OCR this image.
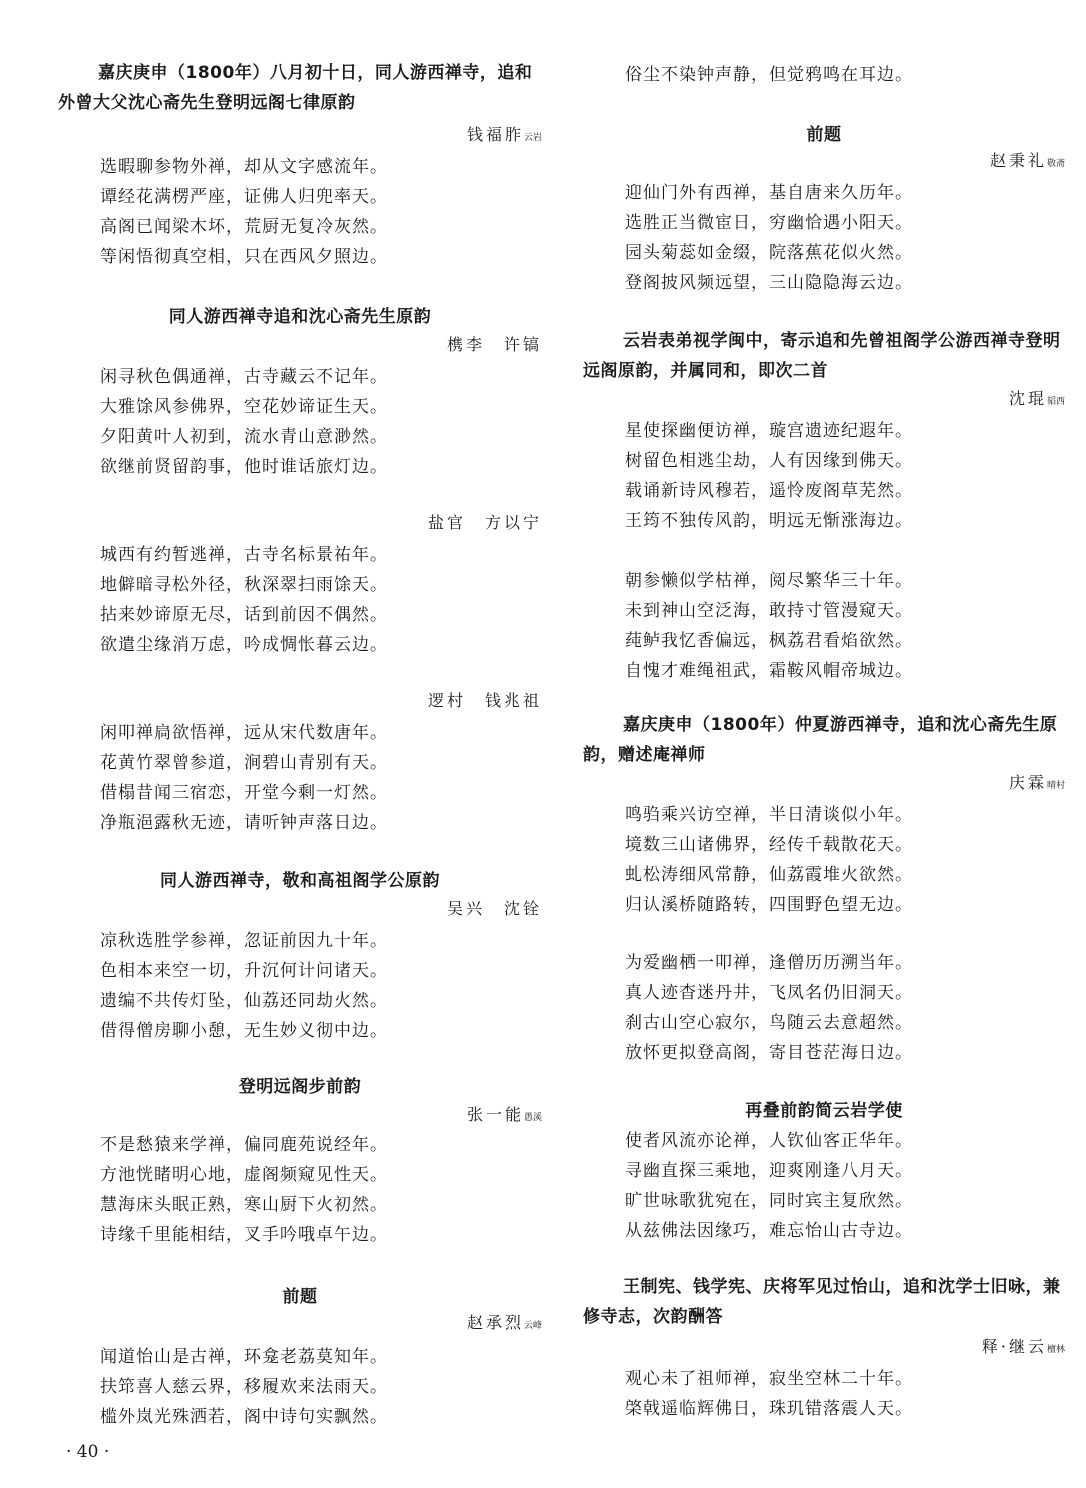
嘉庆庚申（1800年）八月初十日，同人游西禅寺，追和外曾大父沈心斋先生登明远阁七律原韵
钱福胙云岩
选暇聊参物外禅，却从文字感流年。
谭经花满楞严座，证佛人归兜率天。
高阁已闻梁木坏，荒厨无复冷灰然。
等闲悟彻真空相，只在西风夕照边。
同人游西禅寺追和沈心斋先生原韵
槜李　许镐
闲寻秋色偶通禅，古寺藏云不记年。
大雅馀风参佛界，空花妙谛证生天。
夕阳黄叶人初到，流水青山意渺然。
欲继前贤留韵事，他时谁话旅灯边。
盐官　方以宁
城西有约暂逃禅，古寺名标景祐年。
地僻暗寻松外径，秋深翠扫雨馀天。
拈来妙谛原无尽，话到前因不偶然。
欲遣尘缘消万虑，吟成惆怅暮云边。
逻村　钱兆祖
闲叩禅扃欲悟禅，远从宋代数唐年。
花黄竹翠曾参道，涧碧山青别有天。
借榻昔闻三宿恋，开堂今剩一灯然。
净瓶浥露秋无迹，请听钟声落日边。
同人游西禅寺，敬和高祖阁学公原韵
吴兴　沈铨
凉秋选胜学参禅，忽证前因九十年。
色相本来空一切，升沉何计问诸天。
遗编不共传灯坠，仙荔还同劫火然。
借得僧房聊小憩，无生妙义彻中边。
登明远阁步前韵
张一能愚溪
不是愁猿来学禅，偏同鹿苑说经年。
方池恍睹明心地，虚阁频窥见性天。
慧海床头眠正熟，寒山厨下火初然。
诗缘千里能相结，叉手吟哦卓午边。
前题
赵承烈云峰
闻道怡山是古禅，环龛老荔莫知年。
扶筇喜人慈云界，移履欢来法雨天。
槛外岚光殊洒若，阁中诗句实飘然。
俗尘不染钟声静，但觉鸦鸣在耳边。
前题
赵秉礼敬斋
迎仙门外有西禅，基自唐来久历年。
选胜正当微宦日，穷幽恰遇小阳天。
园头菊蕊如金缀，院落蕉花似火然。
登阁披风频远望，三山隐隐海云边。
云岩表弟视学闽中，寄示追和先曾祖阁学公游西禅寺登明远阁原韵，并属同和，即次二首
沈琨韬西
星使探幽便访禅，璇宫遗迹纪遐年。
树留色相逃尘劫，人有因缘到佛天。
载诵新诗风穆若，遥怜废阁草芜然。
王筠不独传风韵，明远无惭涨海边。
朝参懒似学枯禅，阅尽繁华三十年。
未到神山空泛海，敢持寸管漫窥天。
莼鲈我忆香偏远，枫荔君看焰欲然。
自愧才难绳祖武，霜鞍风帽帝城边。
嘉庆庚申（1800年）仲夏游西禅寺，追和沈心斋先生原韵，赠述庵禅师
庆霖晴村
鸣驺乘兴访空禅，半日清谈似小年。
境数三山诸佛界，经传千载散花天。
虬松涛细风常静，仙荔霞堆火欲然。
归认溪桥随路转，四围野色望无边。
为爱幽栖一叩禅，逢僧历历溯当年。
真人迹杳迷丹井，飞凤名仍旧洞天。
刹古山空心寂尔，鸟随云去意超然。
放怀更拟登高阁，寄目苍茫海日边。
再叠前韵简云岩学使
使者风流亦论禅，人钦仙客正华年。
寻幽直探三乘地，迎爽刚逢八月天。
旷世咏歌犹宛在，同时宾主复欣然。
从兹佛法因缘巧，难忘怡山古寺边。
王制宪、钱学宪、庆将军见过怡山，追和沈学士旧咏，兼修寺志，次韵酬答
释·继云檀林
观心未了祖师禅，寂坐空林二十年。
棨戟遥临辉佛日，珠玑错落震人天。
· 40 ·
